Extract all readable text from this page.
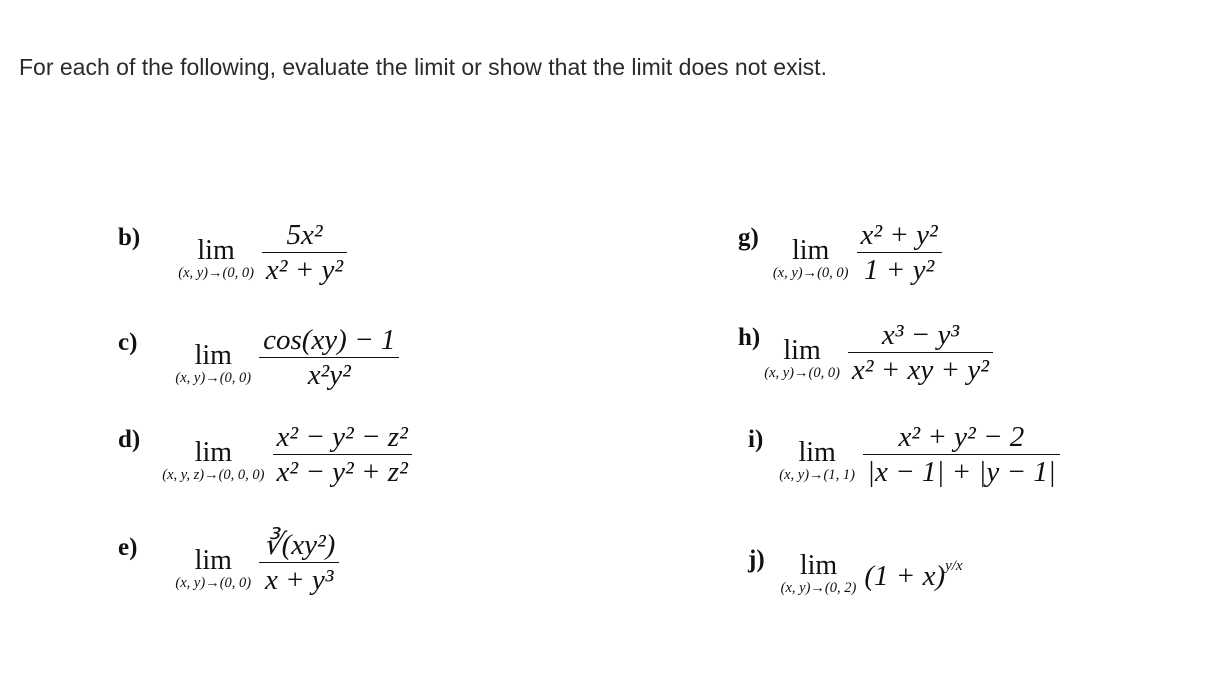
For each of the following, evaluate the limit or show that the limit does not exist.
b) lim
(x, y)→(0, $0) \frac{\text{5x²}}{\text{x² + y²}}$
c) lim
(x, y)→(0, $0) \frac{\cos(xy) - 1}{\text{x²y²}}$
d) lim
(x, y, z)→(0, 0, $0) \frac{\text{x² − y² − z²}}{\text{x² − y² + z²}}$
e) lim
(x, y)→(0, $0) \frac{\text{∛(xy²)}}{\text{x + y³}}$
g) lim
(x, y)→(0, $0) \frac{\text{x² + y²}}{\text{1 + y²}}$
h) lim
(x, y)→(0, $0) \frac{\text{x³ − y³}}{\text{x² + xy + y²}}$
i) lim
(x, y)→(1, $1) \frac{\text{x² + y² − 2}}{|x - 1| + |y - 1|}$
j) lim
(x, y)→(0, 2) $(1 + x)^{y/x}$
